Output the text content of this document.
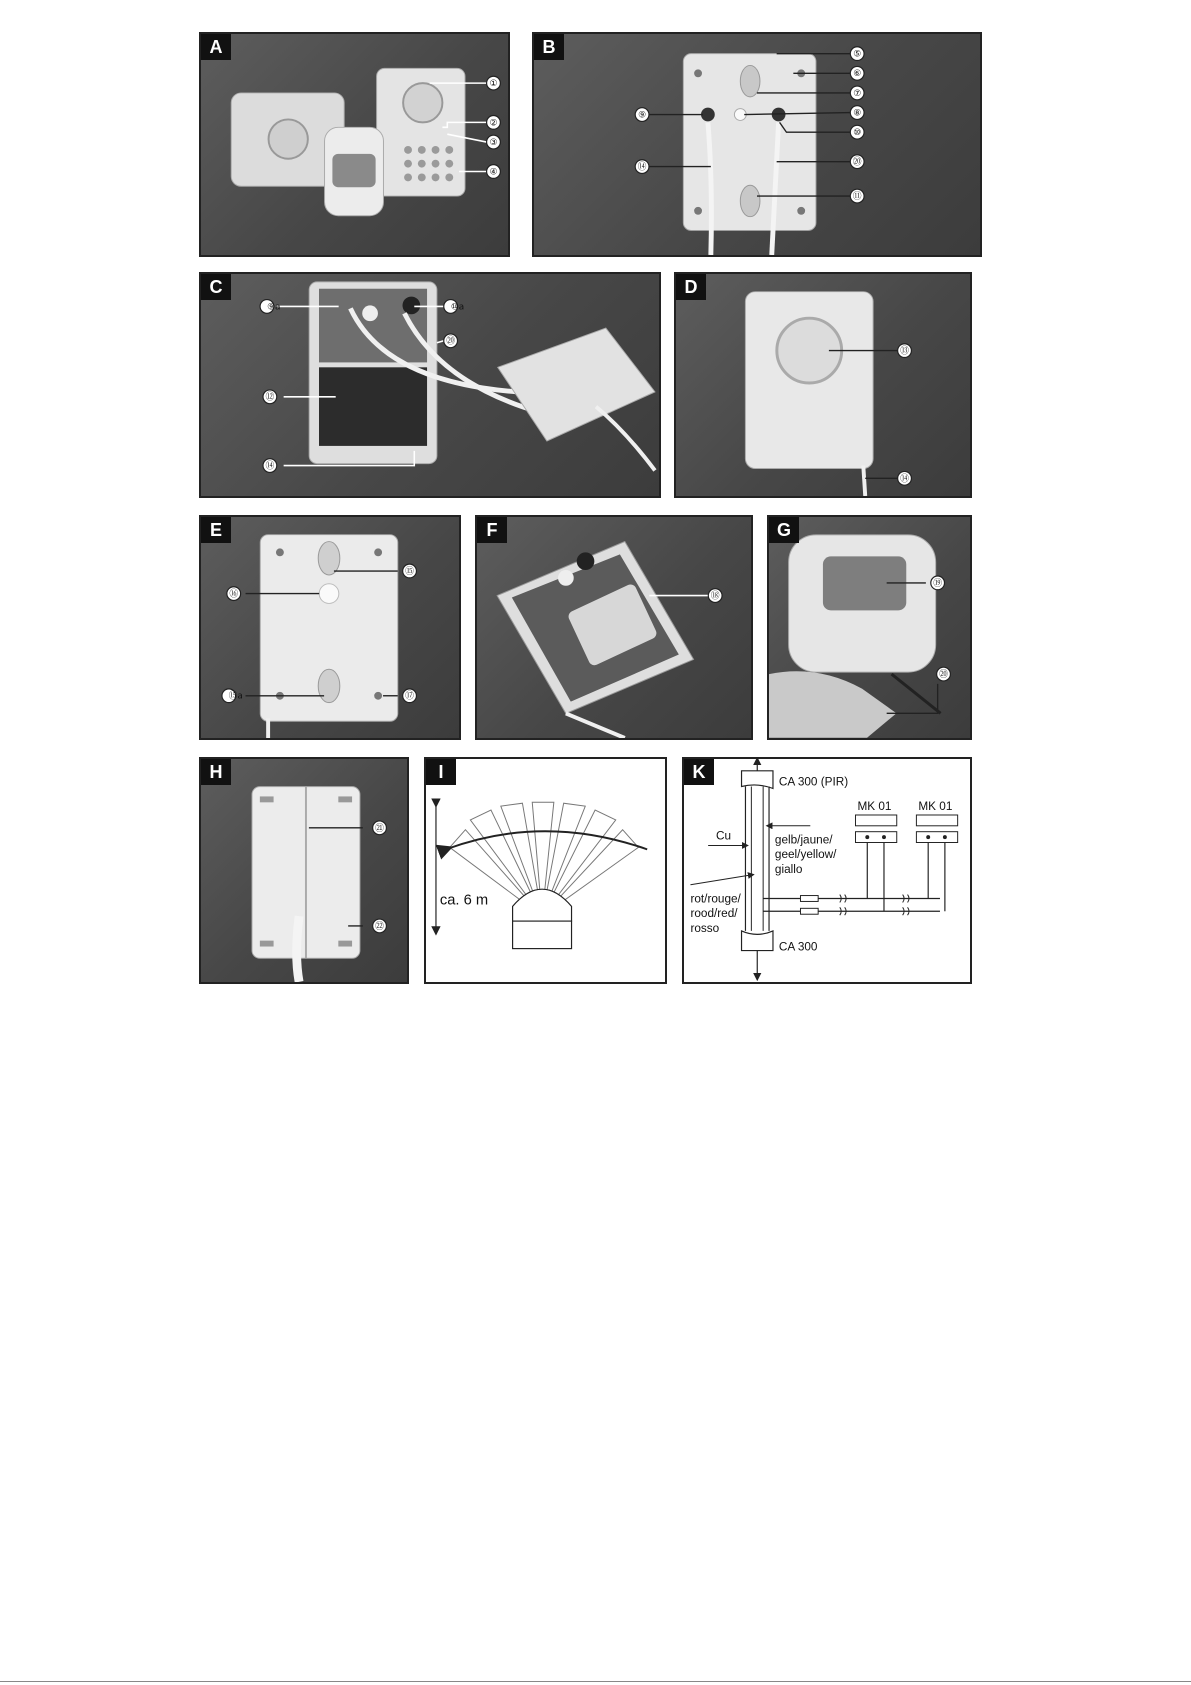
A
①
②
③
④
B	⑤
⑥
⑦
⑧
⑨
⑩
⑪
⑭	⑳
C
⑨a	⑩a
⑳
⑫
⑭
D
⑬
⑭
E
⑮
⑯
⑮a	⑰
F
⑱
G
⑲
⑳
H
㉑
㉒
I
ca. 6 m
K
CA 300 (PIR)
CA 300
Cu	gelb/jaune/
geel/yellow/
giallo
rot/rouge/
rood/red/
rosso
MK 01 MK 01
